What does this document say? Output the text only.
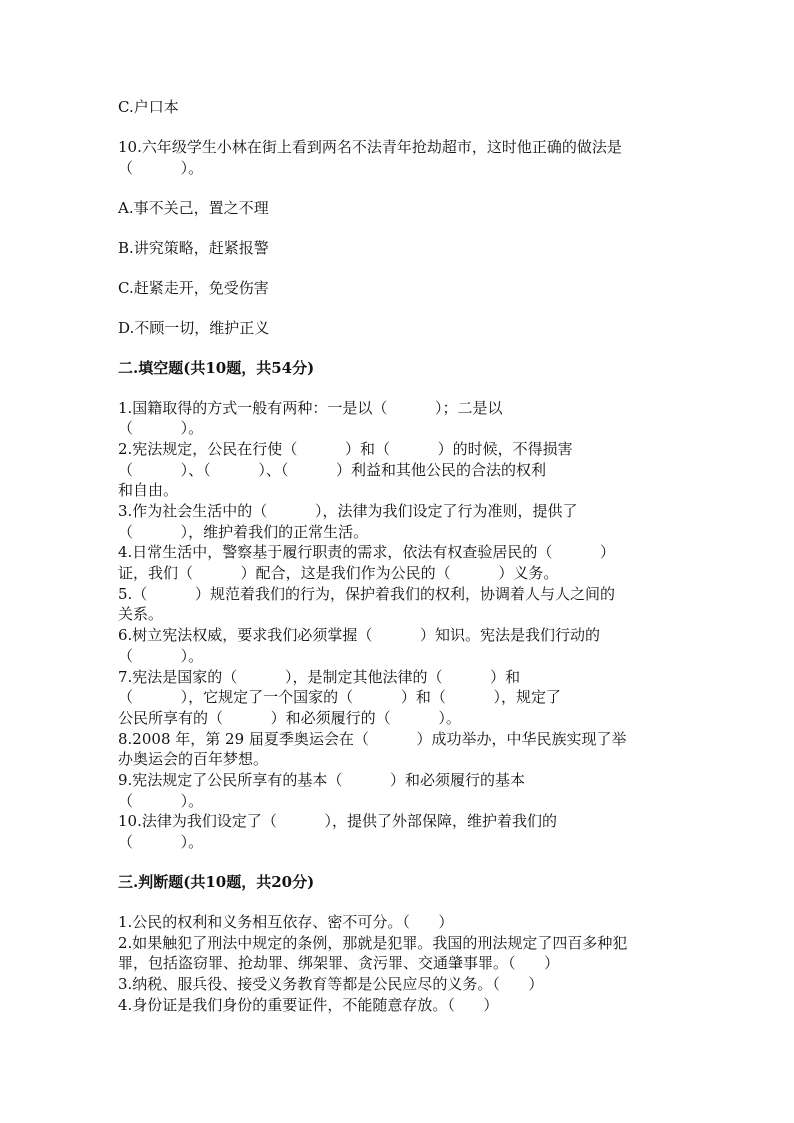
C.户口本
10.六年级学生小林在街上看到两名不法青年抢劫超市，这时他正确的做法是
（          ）。
A.事不关己，置之不理
B.讲究策略，赶紧报警
C.赶紧走开，免受伤害
D.不顾一切，维护正义
二.填空题(共10题，共54分)
1.国籍取得的方式一般有两种：一是以（          ）；二是以
（          ）。
2.宪法规定，公民在行使（          ）和（          ）的时候，不得损害
（          ）、（          ）、（          ）利益和其他公民的合法的权利
和自由。
3.作为社会生活中的（          ），法律为我们设定了行为准则，提供了
（          ），维护着我们的正常生活。
4.日常生活中，警察基于履行职责的需求，依法有权查验居民的（          ）
证，我们（          ）配合，这是我们作为公民的（          ）义务。
5.（          ）规范着我们的行为，保护着我们的权利，协调着人与人之间的
关系。
6.树立宪法权威，要求我们必须掌握（          ）知识。宪法是我们行动的
（          ）。
7.宪法是国家的（          ），是制定其他法律的（          ）和
（          ），它规定了一个国家的（          ）和（          ），规定了
公民所享有的（          ）和必须履行的（          ）。
8.2008 年，第 29 届夏季奥运会在（          ）成功举办，中华民族实现了举
办奥运会的百年梦想。
9.宪法规定了公民所享有的基本（          ）和必须履行的基本
（          ）。
10.法律为我们设定了（          ），提供了外部保障，维护着我们的
（          ）。
三.判断题(共10题，共20分)
1.公民的权利和义务相互依存、密不可分。（      ）
2.如果触犯了刑法中规定的条例，那就是犯罪。我国的刑法规定了四百多种犯
罪，包括盗窃罪、抢劫罪、绑架罪、贪污罪、交通肇事罪。（      ）
3.纳税、服兵役、接受义务教育等都是公民应尽的义务。（      ）
4.身份证是我们身份的重要证件，不能随意存放。（      ）
